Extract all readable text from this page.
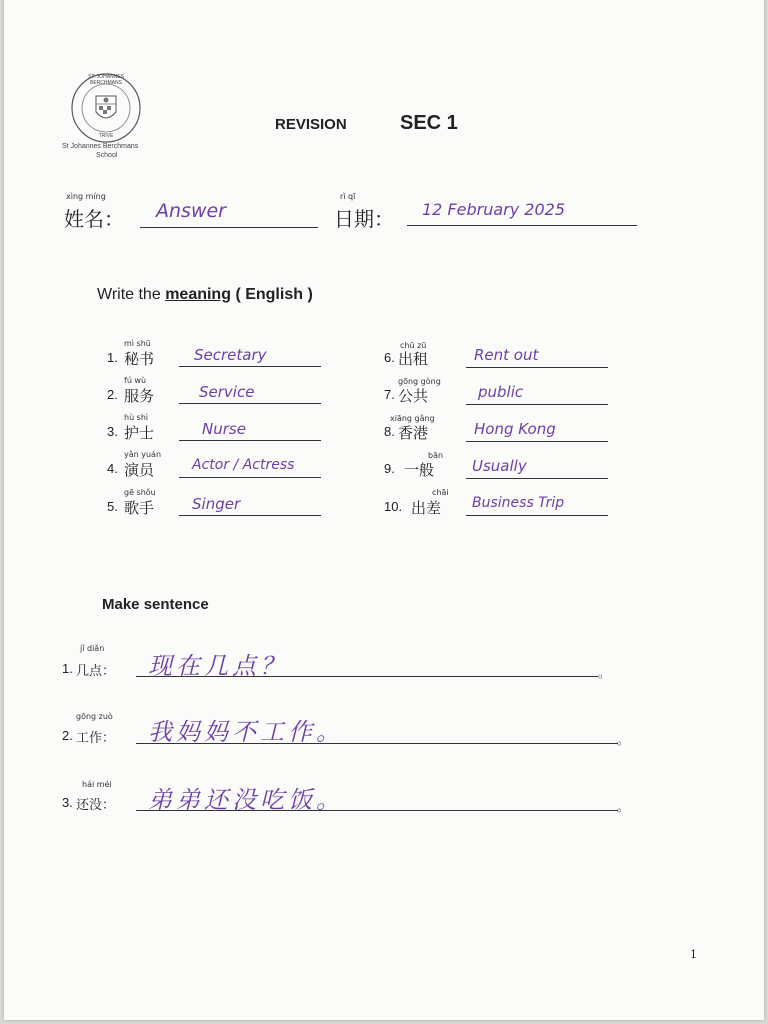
ST. JOHANNES BERCHMANS
TRIVE
St Johannes Berchmans
School
REVISION	SEC 1
xìng míng
姓名： Answer
rì qī
日期： 12 February 2025
Write the meaning ( English )
mì shū
1. 秘书	Secretary
fú wù
2. 服务	Service
hù shì
3. 护士	Nurse
yǎn yuán
4. 演员	Actor / Actress
gē shǒu
5. 歌手	Singer
chū zū
6. 出租	Rent out
gōng gòng
7. 公共	public
xiāng gǎng
8. 香港	Hong Kong
bān
9. 一般	Usually
chāi
10. 出差 Business Trip
Make sentence
jǐ diǎn
1. 几点： 现在几点？	。
gōng zuò
2. 工作： 我妈妈不工作。	。
hái méi
3. 还没： 弟弟还没吃饭。	。
1
